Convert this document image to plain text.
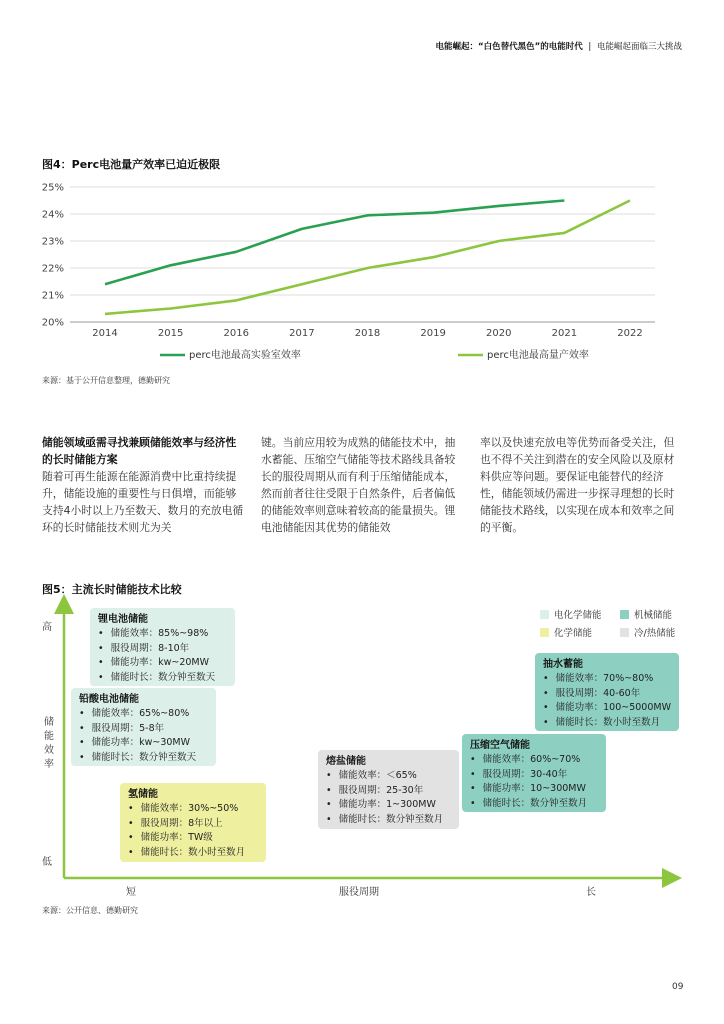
电能崛起：“白色替代黑色”的电能时代 | 电能崛起面临三大挑战
图4：Perc电池量产效率已迫近极限
20%
21%
22%
23%
24%
25%
2014	2015	2016	2017	2018	2019	2020	2021	2022
perc电池最高实验室效率	perc电池最高量产效率
来源：基于公开信息整理，德勤研究
储能领域亟需寻找兼顾储能效率与经济性的长时储能方案

随着可再生能源在能源消费中比重持续提升，储能设施的重要性与日俱增，而能够支持4小时以上乃至数天、数月的充放电循环的长时储能技术则尤为关

键。当前应用较为成熟的储能技术中，抽水蓄能、压缩空气储能等技术路线具备较长的服役周期从而有利于压缩储能成本，然而前者往往受限于自然条件，后者偏低的储能效率则意味着较高的能量损失。锂电池储能因其优势的储能效

率以及快速充放电等优势而备受关注，但也不得不关注到潜在的安全风险以及原材料供应等问题。要保证电能替代的经济性，储能领域仍需进一步探寻理想的长时储能技术路线，以实现在成本和效率之间的平衡。

图5：主流长时储能技术比较
高
储能效率
低
短	服役周期	长
电化学储能	机械储能
化学储能	冷/热储能
锂电池储能
• 储能效率：85%~98%
• 服役周期：8-10年
• 储能功率：kw~20MW
• 储能时长：数分钟至数天
铅酸电池储能
• 储能效率：65%~80%
• 服役周期：5-8年
• 储能功率：kw~30MW
• 储能时长：数分钟至数天
氢储能
• 储能效率：30%~50%
• 服役周期：8年以上
• 储能功率：TW级
• 储能时长：数小时至数月
熔盐储能
• 储能效率：＜65%
• 服役周期：25-30年
• 储能功率：1~300MW
• 储能时长：数分钟至数月
压缩空气储能
• 储能效率：60%~70%
• 服役周期：30-40年
• 储能功率：10~300MW
• 储能时长：数分钟至数月
抽水蓄能
• 储能效率：70%~80%
• 服役周期：40-60年
• 储能功率：100~5000MW
• 储能时长：数小时至数月
来源：公开信息、德勤研究
09
